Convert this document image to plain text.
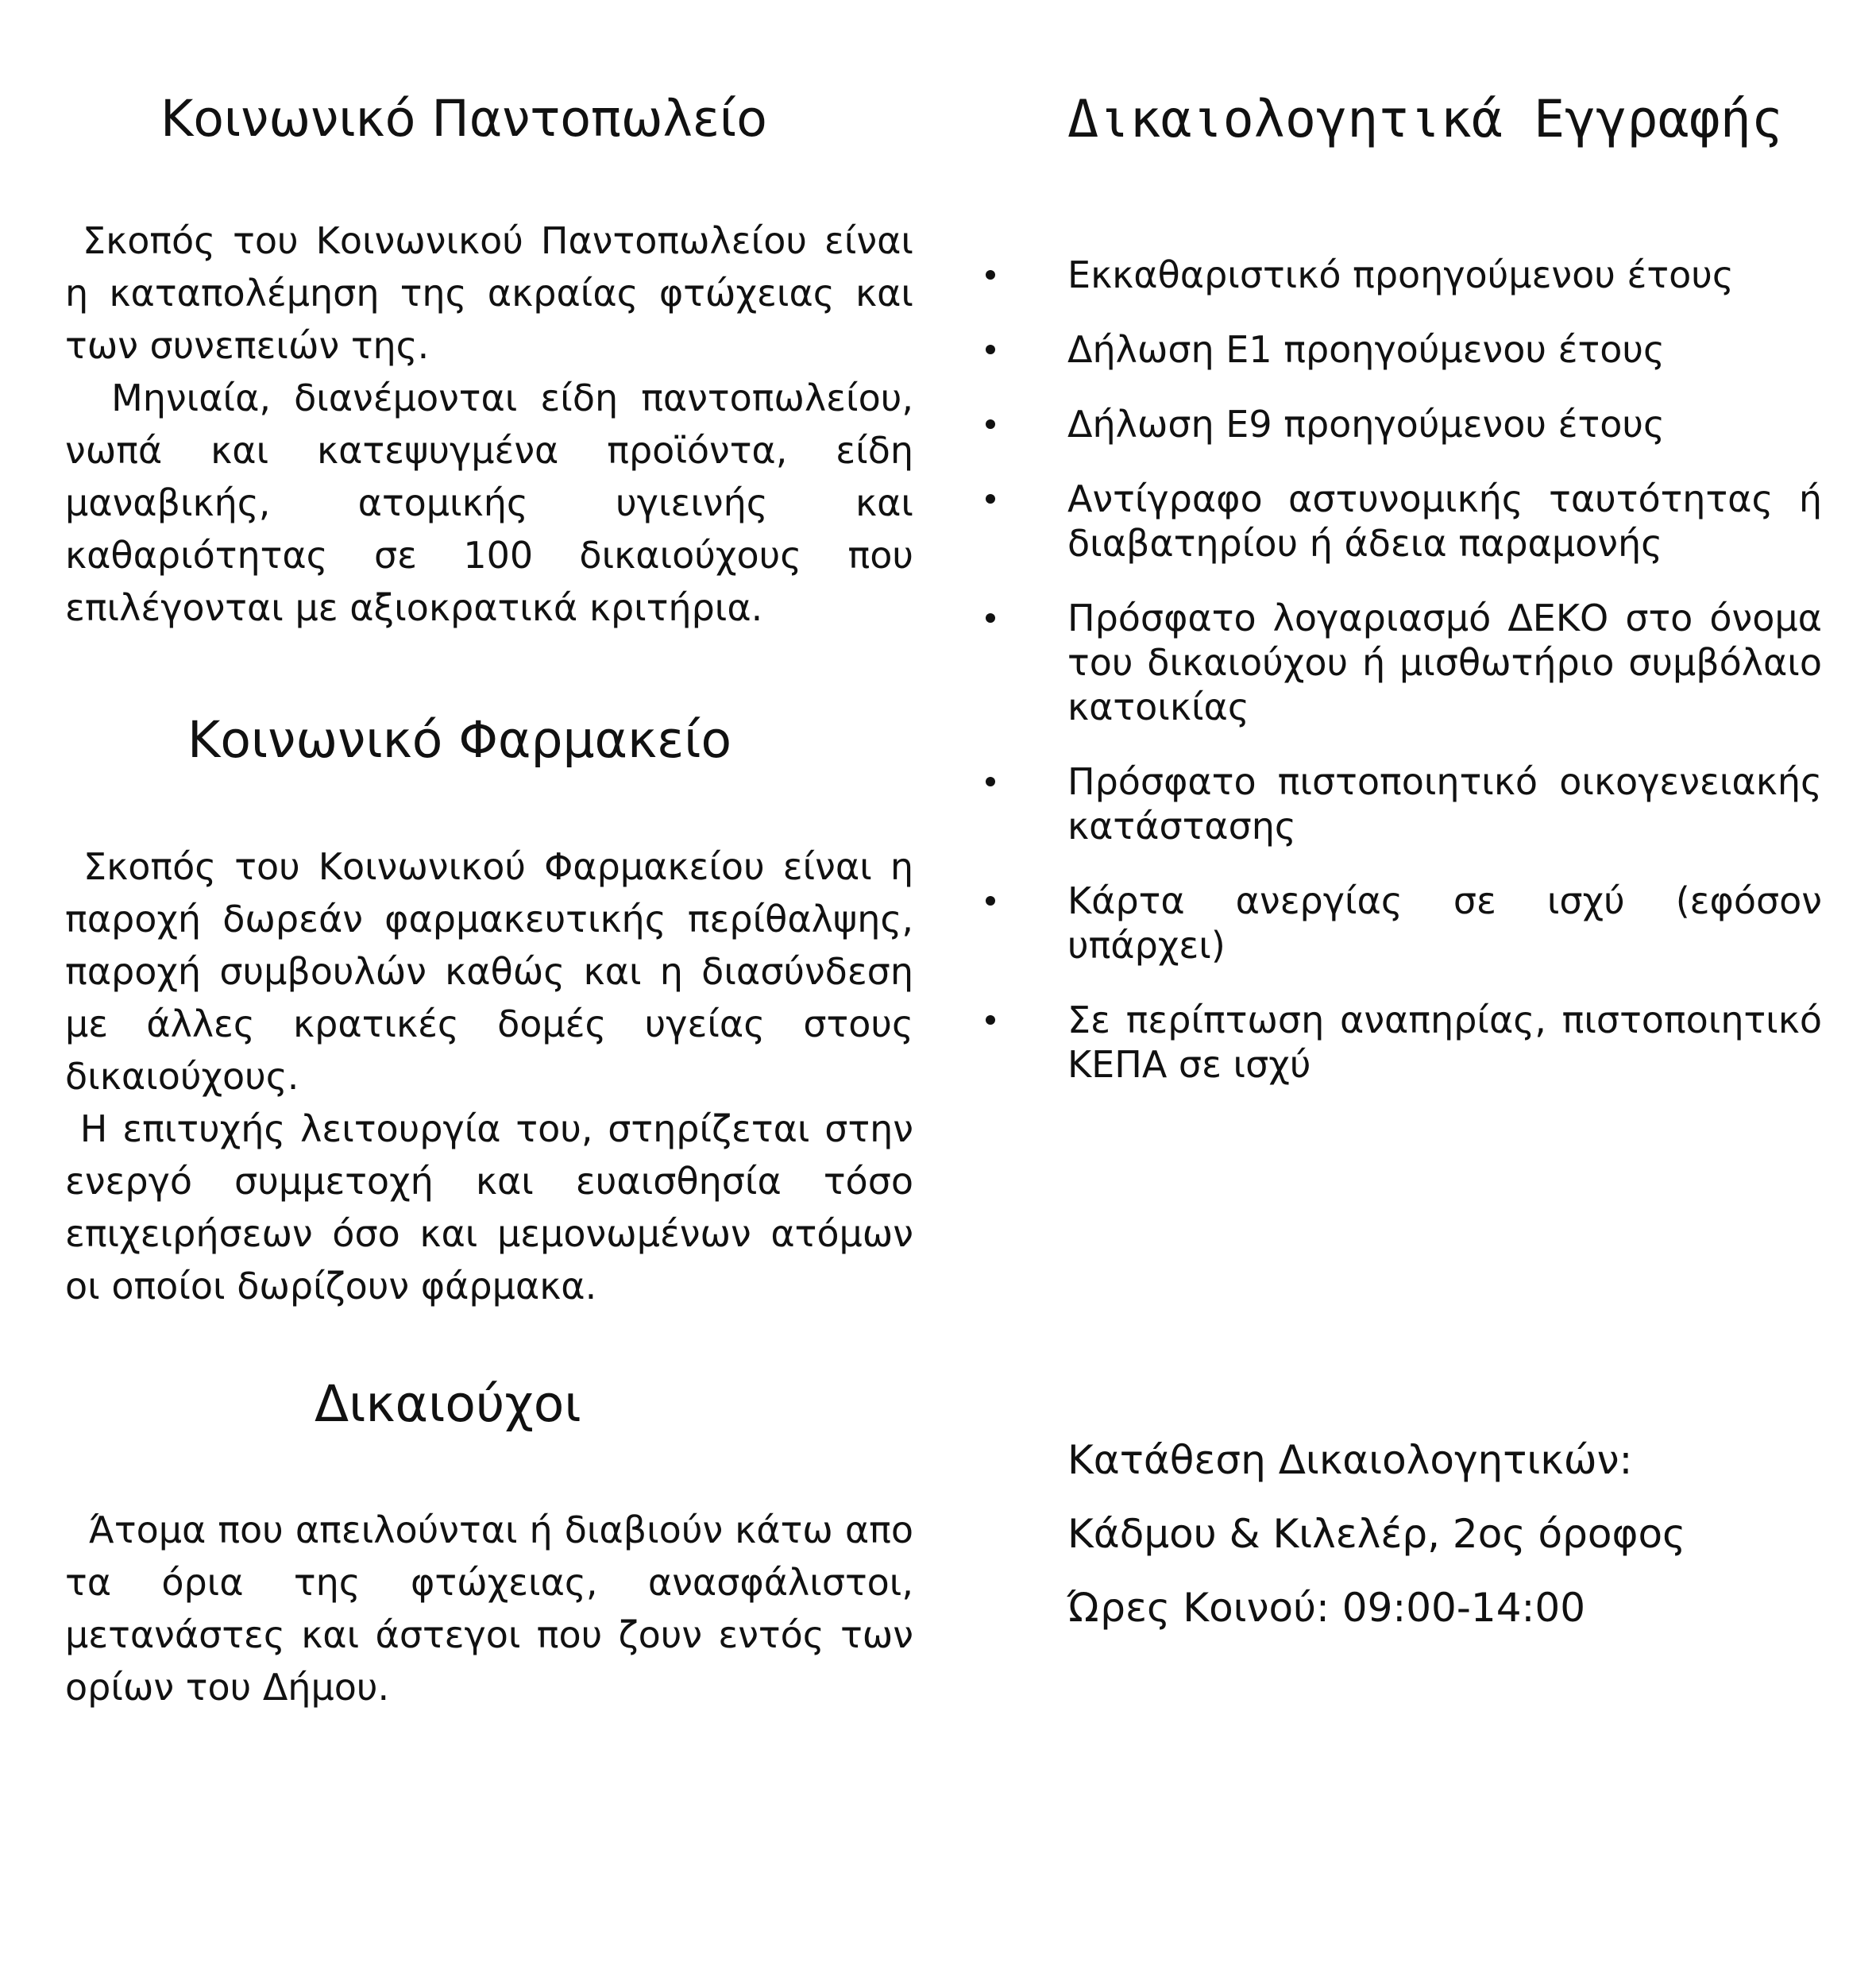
Κοινωνικό Παντοπωλείο

Σκοπός του Κοινωνικού Παντοπωλείου είναι η καταπολέμηση της ακραίας φτώχειας και των συνεπειών της.

Μηνιαία, διανέμονται είδη παντοπωλείου, νωπά και κατεψυγμένα προϊόντα, είδη μαναβικής, ατομικής υγιεινής και καθαριότητας σε 100 δικαιούχους που επιλέγονται με αξιοκρατικά κριτήρια.

Κοινωνικό Φαρμακείο

Σκοπός του Κοινωνικού Φαρμακείου είναι η παροχή δωρεάν φαρμακευτικής περίθαλψης, παροχή συμβουλών καθώς και η διασύνδεση με άλλες κρατικές δομές υγείας στους δικαιούχους.

Η επιτυχής λειτουργία του, στηρίζεται στην ενεργό συμμετοχή και ευαισθησία τόσο επιχειρήσεων όσο και μεμονωμένων ατόμων οι οποίοι δωρίζουν φάρμακα.

Δικαιούχοι

Άτομα που απειλούνται ή διαβιούν κάτω απο τα όρια της φτώχειας, ανασφάλιστοι, μετανάστες και άστεγοι που ζουν εντός των ορίων του Δήμου.

Δικαιολογητικά Εγγραφής
Εκκαθαριστικό προηγούμενου έτους
Δήλωση Ε1 προηγούμενου έτους
Δήλωση Ε9 προηγούμενου έτους
Αντίγραφο αστυνομικής ταυτότητας ή διαβατηρίου ή άδεια παραμονής
Πρόσφατο λογαριασμό ΔΕΚΟ στο όνομα του δικαιούχου ή μισθωτήριο συμβόλαιο κατοικίας
Πρόσφατο πιστοποιητικό οικογενειακής κατάστασης
Κάρτα ανεργίας σε ισχύ (εφόσον υπάρχει)
Σε περίπτωση αναπηρίας, πιστοποιητικό ΚΕΠΑ σε ισχύ

Κατάθεση Δικαιολογητικών:

Κάδμου & Κιλελέρ, 2ος όροφος

Ώρες Κοινού: 09:00-14:00
